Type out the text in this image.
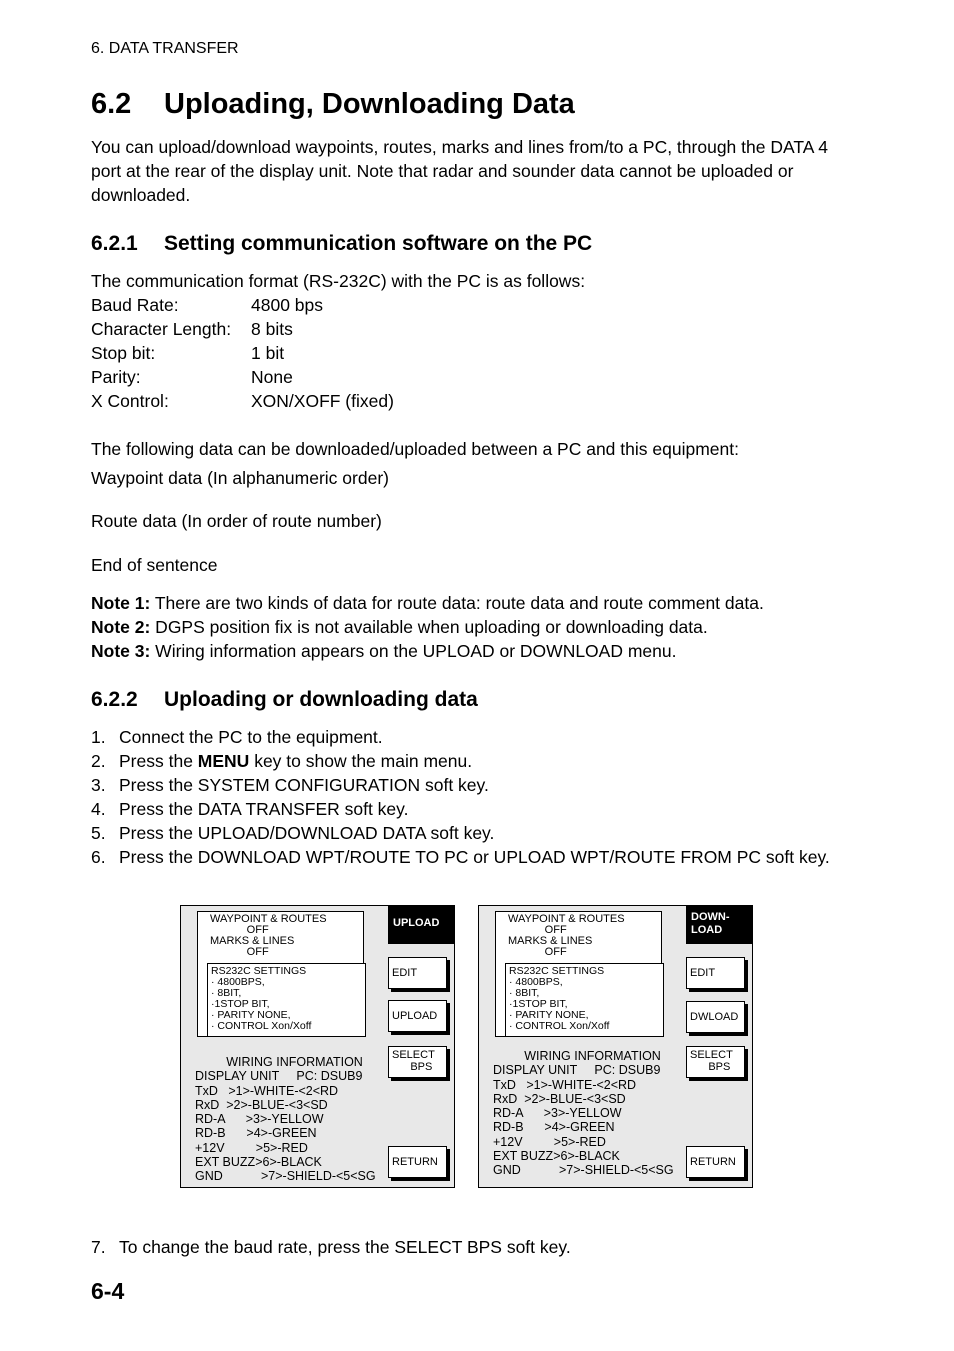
6. DATA TRANSFER
6.2 Uploading, Downloading Data

You can upload/download waypoints, routes, marks and lines from/to a PC, through the DATA 4 port at the rear of the display unit. Note that radar and sounder data cannot be uploaded or downloaded.

6.2.1 Setting communication software on the PC

The communication format (RS-232C) with the PC is as follows:

Baud Rate:	4800 bps
Character Length: 8 bits
Stop bit:	1 bit
Parity:	None
X Control:	XON/XOFF (fixed)

The following data can be downloaded/uploaded between a PC and this equipment:

Waypoint data (In alphanumeric order)

Route data (In order of route number)

End of sentence

Note 1: There are two kinds of data for route data: route data and route comment data.
Note 2: DGPS position fix is not available when uploading or downloading data.
Note 3: Wiring information appears on the UPLOAD or DOWNLOAD menu.
6.2.2 Uploading or downloading data
1. Connect the PC to the equipment.
2. Press the MENU key to show the main menu.
3. Press the SYSTEM CONFIGURATION soft key.
4. Press the DATA TRANSFER soft key.
5. Press the UPLOAD/DOWNLOAD DATA soft key.
6. Press the DOWNLOAD WPT/ROUTE TO PC or UPLOAD WPT/ROUTE FROM PC soft key.
WAYPOINT & ROUTES
OFF
MARKS & LINES
OFF
RS232C SETTINGS
· 4800BPS,
· 8BIT,
·1STOP BIT,
· PARITY NONE,
· CONTROL Xon/Xoff
WIRING INFORMATION
DISPLAY UNIT     PC: DSUB9
TxD   >1>-WHITE-<2<RD
RxD  >2>-BLUE-<3<SD
RD-A      >3>-YELLOW
RD-B      >4>-GREEN
+12V         >5>-RED
EXT BUZZ>6>-BLACK
GND           >7>-SHIELD-<5<SG
UPLOAD
EDIT
UPLOAD
SELECT
BPS
RETURN
WAYPOINT & ROUTES
OFF
MARKS & LINES
OFF
RS232C SETTINGS
· 4800BPS,
· 8BIT,
·1STOP BIT,
· PARITY NONE,
· CONTROL Xon/Xoff
WIRING INFORMATION
DISPLAY UNIT     PC: DSUB9
TxD   >1>-WHITE-<2<RD
RxD  >2>-BLUE-<3<SD
RD-A      >3>-YELLOW
RD-B      >4>-GREEN
+12V         >5>-RED
EXT BUZZ>6>-BLACK
GND           >7>-SHIELD-<5<SG
DOWN-
LOAD
EDIT
DWLOAD
SELECT
BPS
RETURN
7. To change the baud rate, press the SELECT BPS soft key.
6-4
